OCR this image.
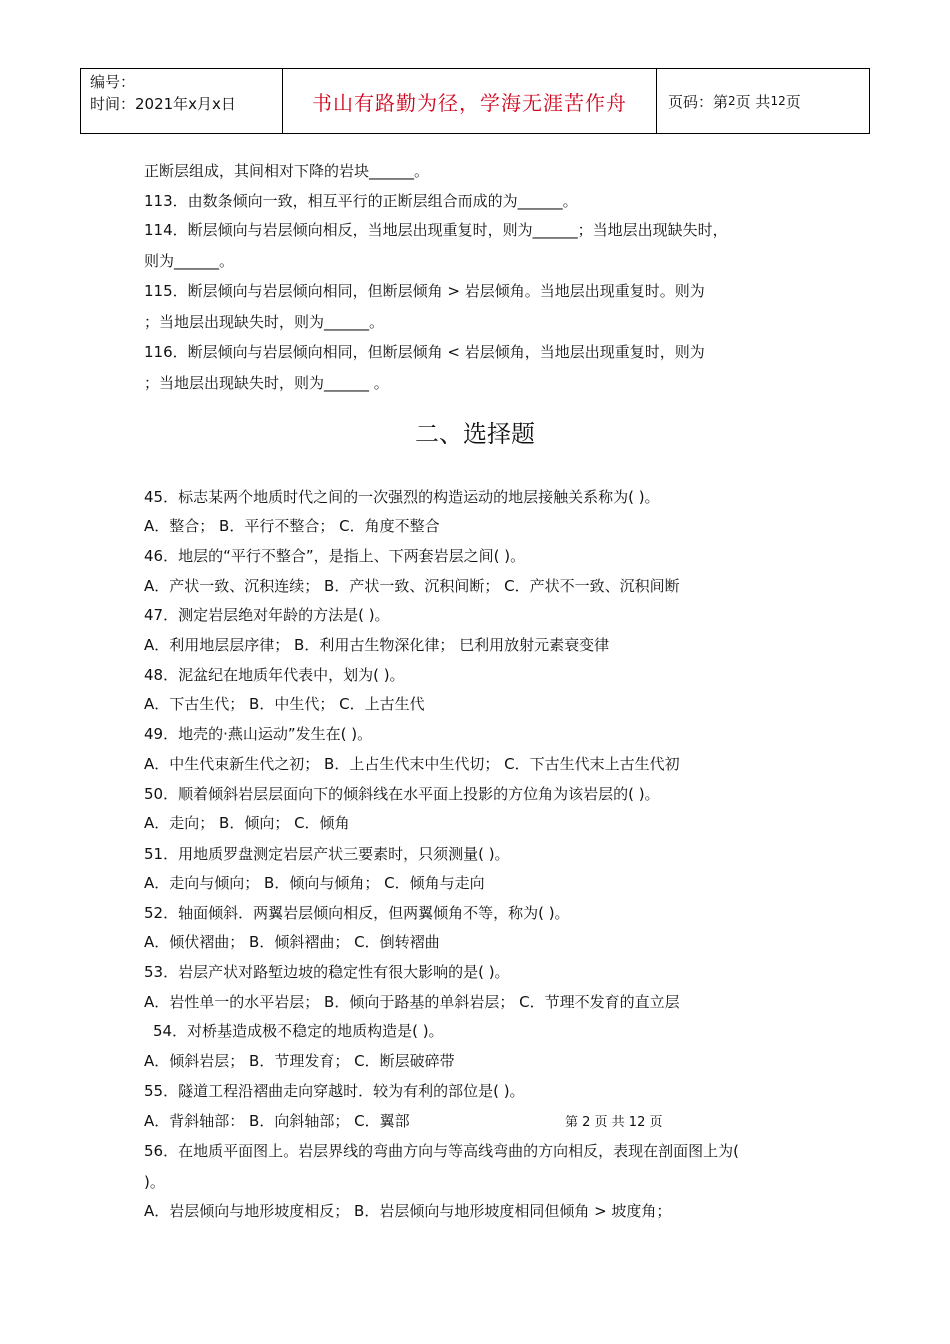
编号：
时间：2021年x月x日	书山有路勤为径，学海无涯苦作舟	页码：第 2 页 共 12 页
正断层组成，其间相对下降的岩块______。
113．由数条倾向一致，相互平行的正断层组合而成的为______。
114．断层倾向与岩层倾向相反，当地层出现重复时，则为______；当地层出现缺失时，
则为______。
115．断层倾向与岩层倾向相同，但断层倾角 > 岩层倾角。当地层出现重复时。则为
；当地层出现缺失时，则为______。
116．断层倾向与岩层倾向相同，但断层倾角 < 岩层倾角，当地层出现重复时，则为
；当地层出现缺失时，则为______ 。
二、选择题
45．标志某两个地质时代之间的一次强烈的构造运动的地层接触关系称为( )。
A．整合； B．平行不整合； C．角度不整合
46．地层的“平行不整合”，是指上、下两套岩层之间( )。
A．产状一致、沉积连续； B．产状一致、沉积间断； C．产状不一致、沉积间断
47．测定岩层绝对年龄的方法是( )。
A．利用地层层序律； B．利用古生物深化律； 巳利用放射元素衰变律
48．泥盆纪在地质年代表中，划为( )。
A．下古生代； B．中生代； C．上古生代
49．地壳的·燕山运动”发生在( )。
A．中生代束新生代之初； B．上占生代末中生代切； C．下古生代末上古生代初
50．顺着倾斜岩层层面向下的倾斜线在水平面上投影的方位角为该岩层的( )。
A．走向； B．倾向； C．倾角
51．用地质罗盘测定岩层产状三要素时，只须测量( )。
A．走向与倾向； B．倾向与倾角； C．倾角与走向
52．轴面倾斜．两翼岩层倾向相反，但两翼倾角不等，称为( )。
A．倾伏褶曲； B．倾斜褶曲； C．倒转褶曲
53．岩层产状对路堑边坡的稳定性有很大影响的是( )。
A．岩性单一的水平岩层； B．倾向于路基的单斜岩层； C．节理不发育的直立层
54．对桥基造成极不稳定的地质构造是( )。
A．倾斜岩层； B．节理发育； C．断层破碎带
55．隧道工程沿褶曲走向穿越时．较为有利的部位是( )。
A．背斜轴部： B．向斜轴部； C．翼部
56．在地质平面图上。岩层界线的弯曲方向与等高线弯曲的方向相反，表现在剖面图上为(
)。
A．岩层倾向与地形坡度相反； B．岩层倾向与地形坡度相同但倾角 > 坡度角；
第 2 页 共 12 页
